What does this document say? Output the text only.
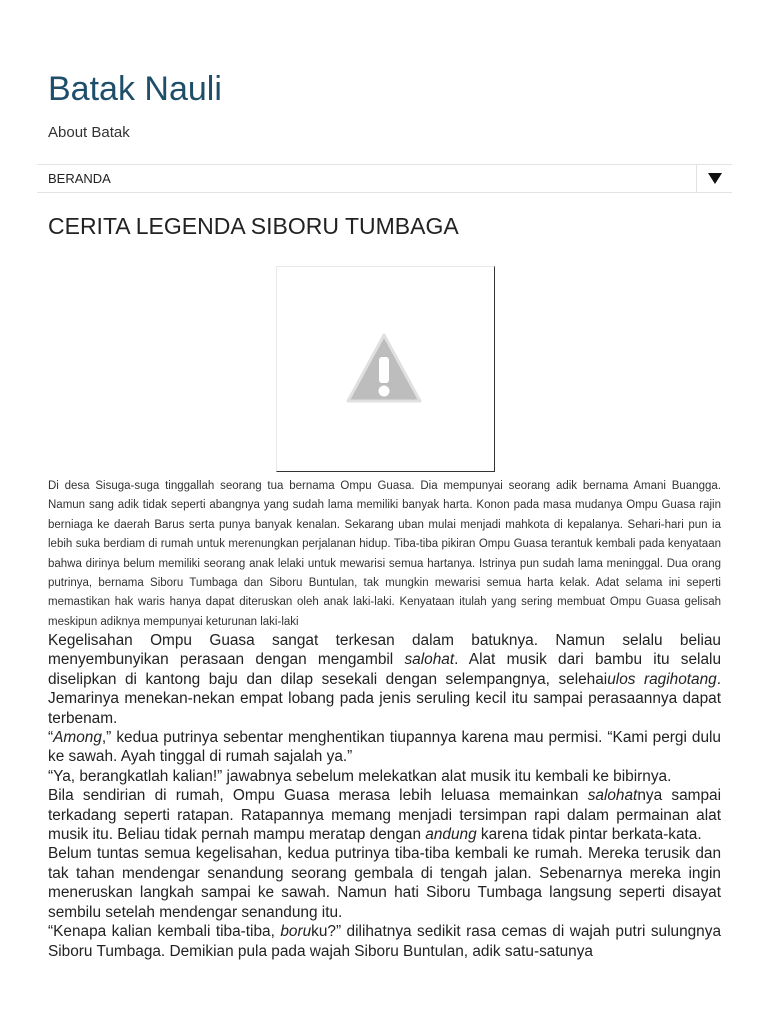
Batak Nauli
About Batak
BERANDA
CERITA LEGENDA SIBORU TUMBAGA

Di desa Sisuga-suga tinggallah seorang tua bernama Ompu Guasa. Dia mempunyai seorang adik bernama Amani Buangga. Namun sang adik tidak seperti abangnya yang sudah lama memiliki banyak harta. Konon pada masa mudanya Ompu Guasa rajin berniaga ke daerah Barus serta punya banyak kenalan. Sekarang uban mulai menjadi mahkota di kepalanya. Sehari-hari pun ia lebih suka berdiam di rumah untuk merenungkan perjalanan hidup. Tiba-tiba pikiran Ompu Guasa terantuk kembali pada kenyataan bahwa dirinya belum memiliki seorang anak lelaki untuk mewarisi semua hartanya. Istrinya pun sudah lama meninggal. Dua orang putrinya, bernama Siboru Tumbaga dan Siboru Buntulan, tak mungkin mewarisi semua harta kelak. Adat selama ini seperti memastikan hak waris hanya dapat diteruskan oleh anak laki-laki. Kenyataan itulah yang sering membuat Ompu Guasa gelisah meskipun adiknya mempunyai keturunan laki-laki

Kegelisahan Ompu Guasa sangat terkesan dalam batuknya. Namun selalu beliau menyembunyikan perasaan dengan mengambil salohat. Alat musik dari bambu itu selalu diselipkan di kantong baju dan dilap sesekali dengan selempangnya, selehaiulos ragihotang. Jemarinya menekan-nekan empat lobang pada jenis seruling kecil itu sampai perasaannya dapat terbenam.

“Among,” kedua putrinya sebentar menghentikan tiupannya karena mau permisi. “Kami pergi dulu ke sawah. Ayah tinggal di rumah sajalah ya.”

“Ya, berangkatlah kalian!” jawabnya sebelum melekatkan alat musik itu kembali ke bibirnya.

Bila sendirian di rumah, Ompu Guasa merasa lebih leluasa memainkan salohatnya sampai terkadang seperti ratapan. Ratapannya memang menjadi tersimpan rapi dalam permainan alat musik itu. Beliau tidak pernah mampu meratap dengan andung karena tidak pintar berkata-kata.

Belum tuntas semua kegelisahan, kedua putrinya tiba-tiba kembali ke rumah. Mereka terusik dan tak tahan mendengar senandung seorang gembala di tengah jalan. Sebenarnya mereka ingin meneruskan langkah sampai ke sawah. Namun hati Siboru Tumbaga langsung seperti disayat sembilu setelah mendengar senandung itu.

“Kenapa kalian kembali tiba-tiba, boruku?” dilihatnya sedikit rasa cemas di wajah putri sulungnya Siboru Tumbaga. Demikian pula pada wajah Siboru Buntulan, adik satu-satunya
